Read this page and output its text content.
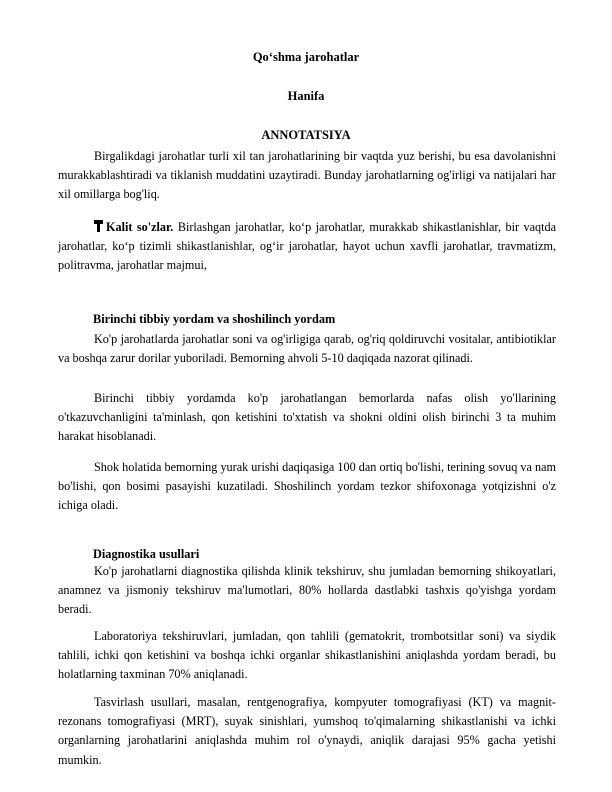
Qo‘shma jarohatlar
Hanifa
ANNOTATSIYA
Birgalikdagi jarohatlar turli xil tan jarohatlarining bir vaqtda yuz berishi, bu esa davolanishni murakkablashtiradi va tiklanish muddatini uzaytiradi. Bunday jarohatlarning og'irligi va natijalari har xil omillarga bog'liq.
Kalit so'zlar. Birlashgan jarohatlar, ko‘p jarohatlar, murakkab shikastlanishlar, bir vaqtda jarohatlar, ko‘p tizimli shikastlanishlar, og‘ir jarohatlar, hayot uchun xavfli jarohatlar, travmatizm, politravma, jarohatlar majmui,
Birinchi tibbiy yordam va shoshilinch yordam
Ko'p jarohatlarda jarohatlar soni va og'irligiga qarab, og'riq qoldiruvchi vositalar, antibiotiklar va boshqa zarur dorilar yuboriladi. Bemorning ahvoli 5-10 daqiqada nazorat qilinadi.
Birinchi tibbiy yordamda ko'p jarohatlangan bemorlarda nafas olish yo'llarining o'tkazuvchanligini ta'minlash, qon ketishini to'xtatish va shokni oldini olish birinchi 3 ta muhim harakat hisoblanadi.
Shok holatida bemorning yurak urishi daqiqasiga 100 dan ortiq bo'lishi, terining sovuq va nam bo'lishi, qon bosimi pasayishi kuzatiladi. Shoshilinch yordam tezkor shifoxonaga yotqizishni o'z ichiga oladi.
Diagnostika usullari
Ko'p jarohatlarni diagnostika qilishda klinik tekshiruv, shu jumladan bemorning shikoyatlari, anamnez va jismoniy tekshiruv ma'lumotlari, 80% hollarda dastlabki tashxis qo'yishga yordam beradi.
Laboratoriya tekshiruvlari, jumladan, qon tahlili (gematokrit, trombotsitlar soni) va siydik tahlili, ichki qon ketishini va boshqa ichki organlar shikastlanishini aniqlashda yordam beradi, bu holatlarning taxminan 70% aniqlanadi.
Tasvirlash usullari, masalan, rentgenografiya, kompyuter tomografiyasi (KT) va magnit-rezonans tomografiyasi (MRT), suyak sinishlari, yumshoq to'qimalarning shikastlanishi va ichki organlarning jarohatlarini aniqlashda muhim rol o'ynaydi, aniqlik darajasi 95% gacha yetishi mumkin.
